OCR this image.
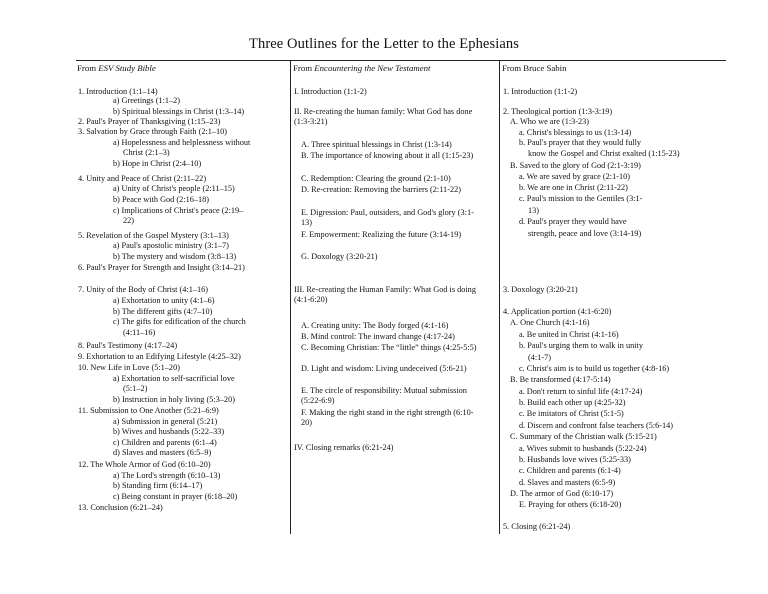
Three Outlines for the Letter to the Ephesians
From ESV Study Bible
1. Introduction (1:1–14)
a) Greetings (1:1–2)
b) Spiritual blessings in Christ (1:3–14)
2. Paul's Prayer of Thanksgiving (1:15–23)
3. Salvation by Grace through Faith (2:1–10)
a) Hopelessness and helplessness without
Christ (2:1–3)
b) Hope in Christ (2:4–10)
4. Unity and Peace of Christ (2:11–22)
a) Unity of Christ's people (2:11–15)
b) Peace with God (2:16–18)
c) Implications of Christ's peace (2:19–
22)
5. Revelation of the Gospel Mystery (3:1–13)
a) Paul's apostolic ministry (3:1–7)
b) The mystery and wisdom (3:8–13)
6. Paul's Prayer for Strength and Insight (3:14–21)
7. Unity of the Body of Christ (4:1–16)
a) Exhortation to unity (4:1–6)
b) The different gifts (4:7–10)
c) The gifts for edification of the church
(4:11–16)
8. Paul's Testimony (4:17–24)
9. Exhortation to an Edifying Lifestyle (4:25–32)
10. New Life in Love (5:1–20)
a) Exhortation to self-sacrificial love
(5:1–2)
b) Instruction in holy living (5:3–20)
11. Submission to One Another (5:21–6:9)
a) Submission in general (5:21)
b) Wives and husbands (5:22–33)
c) Children and parents (6:1–4)
d) Slaves and masters (6:5–9)
12. The Whole Armor of God (6:10–20)
a) The Lord's strength (6:10–13)
b) Standing firm (6:14–17)
c) Being constant in prayer (6:18–20)
13. Conclusion (6:21–24)
From Encountering the New Testament
I. Introduction (1:1-2)
II. Re-creating the human family: What God has done (1:3-3:21)
A. Three spiritual blessings in Christ (1:3-14)
B. The importance of knowing about it all (1:15-23)
C. Redemption: Clearing the ground (2:1-10)
D. Re-creation: Removing the barriers (2:11-22)
E. Digression: Paul, outsiders, and God's glory (3:1-13)
F. Empowerment: Realizing the future (3:14-19)
G. Doxology (3:20-21)
III. Re-creating the Human Family: What God is doing (4:1-6:20)
A. Creating unity: The Body forged (4:1-16)
B. Mind control: The inward change (4:17-24)
C. Becoming Christian: The “little” things (4:25-5:5)
D. Light and wisdom: Living undeceived (5:6-21)
E. The circle of responsibility: Mutual submission (5:22-6:9)
F. Making the right stand in the right strength (6:10-20)
IV. Closing remarks (6:21-24)
From Bruce Sabin
1. Introduction (1:1-2)
2. Theological portion (1:3-3:19)
A. Who we are (1:3-23)
a. Christ's blessings to us (1:3-14)
b. Paul's prayer that they would fully
know the Gospel and Christ exalted (1:15-23)
B. Saved to the glory of God (2:1-3:19)
a. We are saved by grace (2:1-10)
b. We are one in Christ (2:11-22)
c. Paul's mission to the Gentiles (3:1-
13)
d. Paul's prayer they would have
strength, peace and love (3:14-19)
3. Doxology (3:20-21)
4. Application portion (4:1-6:20)
A. One Church (4:1-16)
a. Be united in Christ (4:1-16)
b. Paul's urging them to walk in unity
(4:1-7)
c. Christ's aim is to build us together (4:8-16)
B. Be transformed (4:17-5:14)
a. Don't return to sinful life (4:17-24)
b. Build each other up (4:25-32)
c. Be imitators of Christ (5:1-5)
d. Discern and confront false teachers (5:6-14)
C. Summary of the Christian walk (5:15-21)
a. Wives submit to husbands (5:22-24)
b. Husbands love wives (5:25-33)
c. Children and parents (6:1-4)
d. Slaves and masters (6:5-9)
D. The armor of God (6:10-17)
E. Praying for others (6:18-20)
5. Closing (6:21-24)
